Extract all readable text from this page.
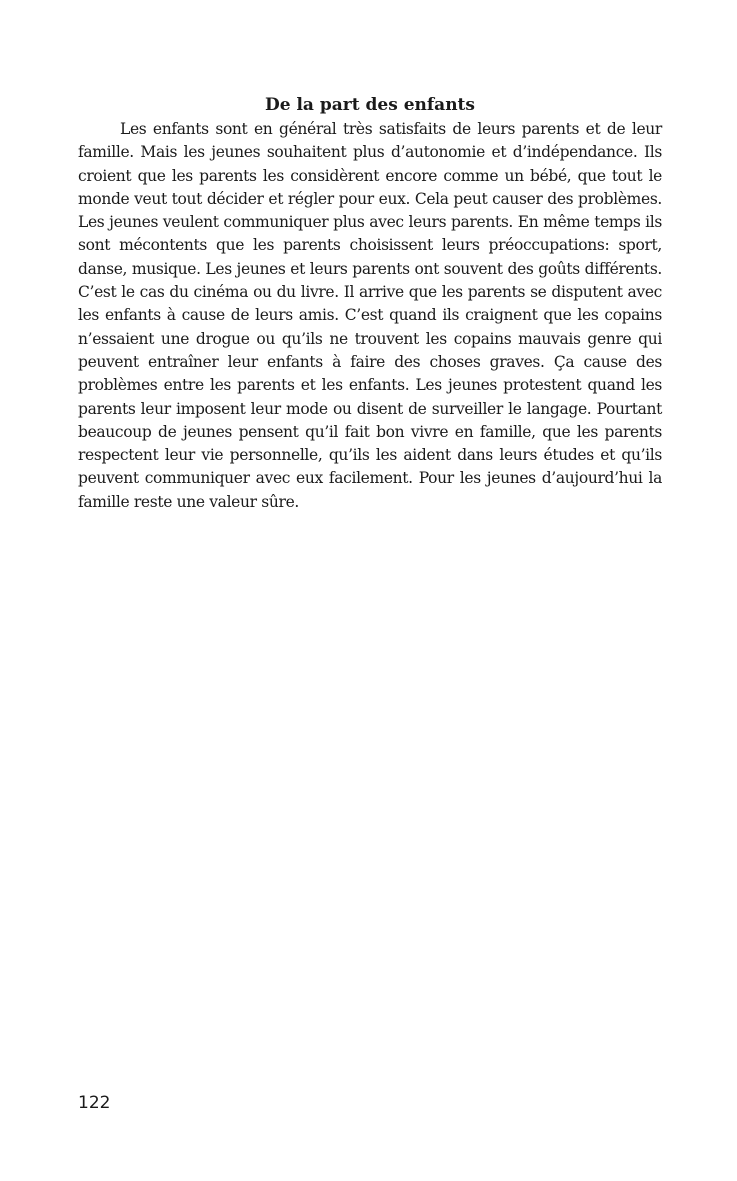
De la part des enfants

Les enfants sont en général très satisfaits de leurs parents et de leur famille. Mais les jeunes souhaitent plus d’autonomie et d’indépendance. Ils croient que les parents les considèrent encore comme un bébé, que tout le monde veut tout décider et régler pour eux. Cela peut causer des problèmes. Les jeunes veulent communiquer plus avec leurs parents. En même temps ils sont mécontents que les parents choisissent leurs préoccupations: sport, danse, musique. Les jeunes et leurs parents ont souvent des goûts différents. C’est le cas du cinéma ou du livre. Il arrive que les parents se disputent avec les enfants à cause de leurs amis. C’est quand ils craignent que les copains n’essaient une drogue ou qu’ils ne trouvent les copains mauvais genre qui peuvent entraîner leur enfants à faire des choses graves. Ça cause des problèmes entre les parents et les enfants. Les jeunes protestent quand les parents leur imposent leur mode ou disent de surveiller le langage. Pourtant beaucoup de jeunes pensent qu’il fait bon vivre en famille, que les parents respectent leur vie personnelle, qu’ils les aident dans leurs études et qu’ils peuvent communiquer avec eux facilement. Pour les jeunes d’aujourd’hui la famille reste une valeur sûre.

122
